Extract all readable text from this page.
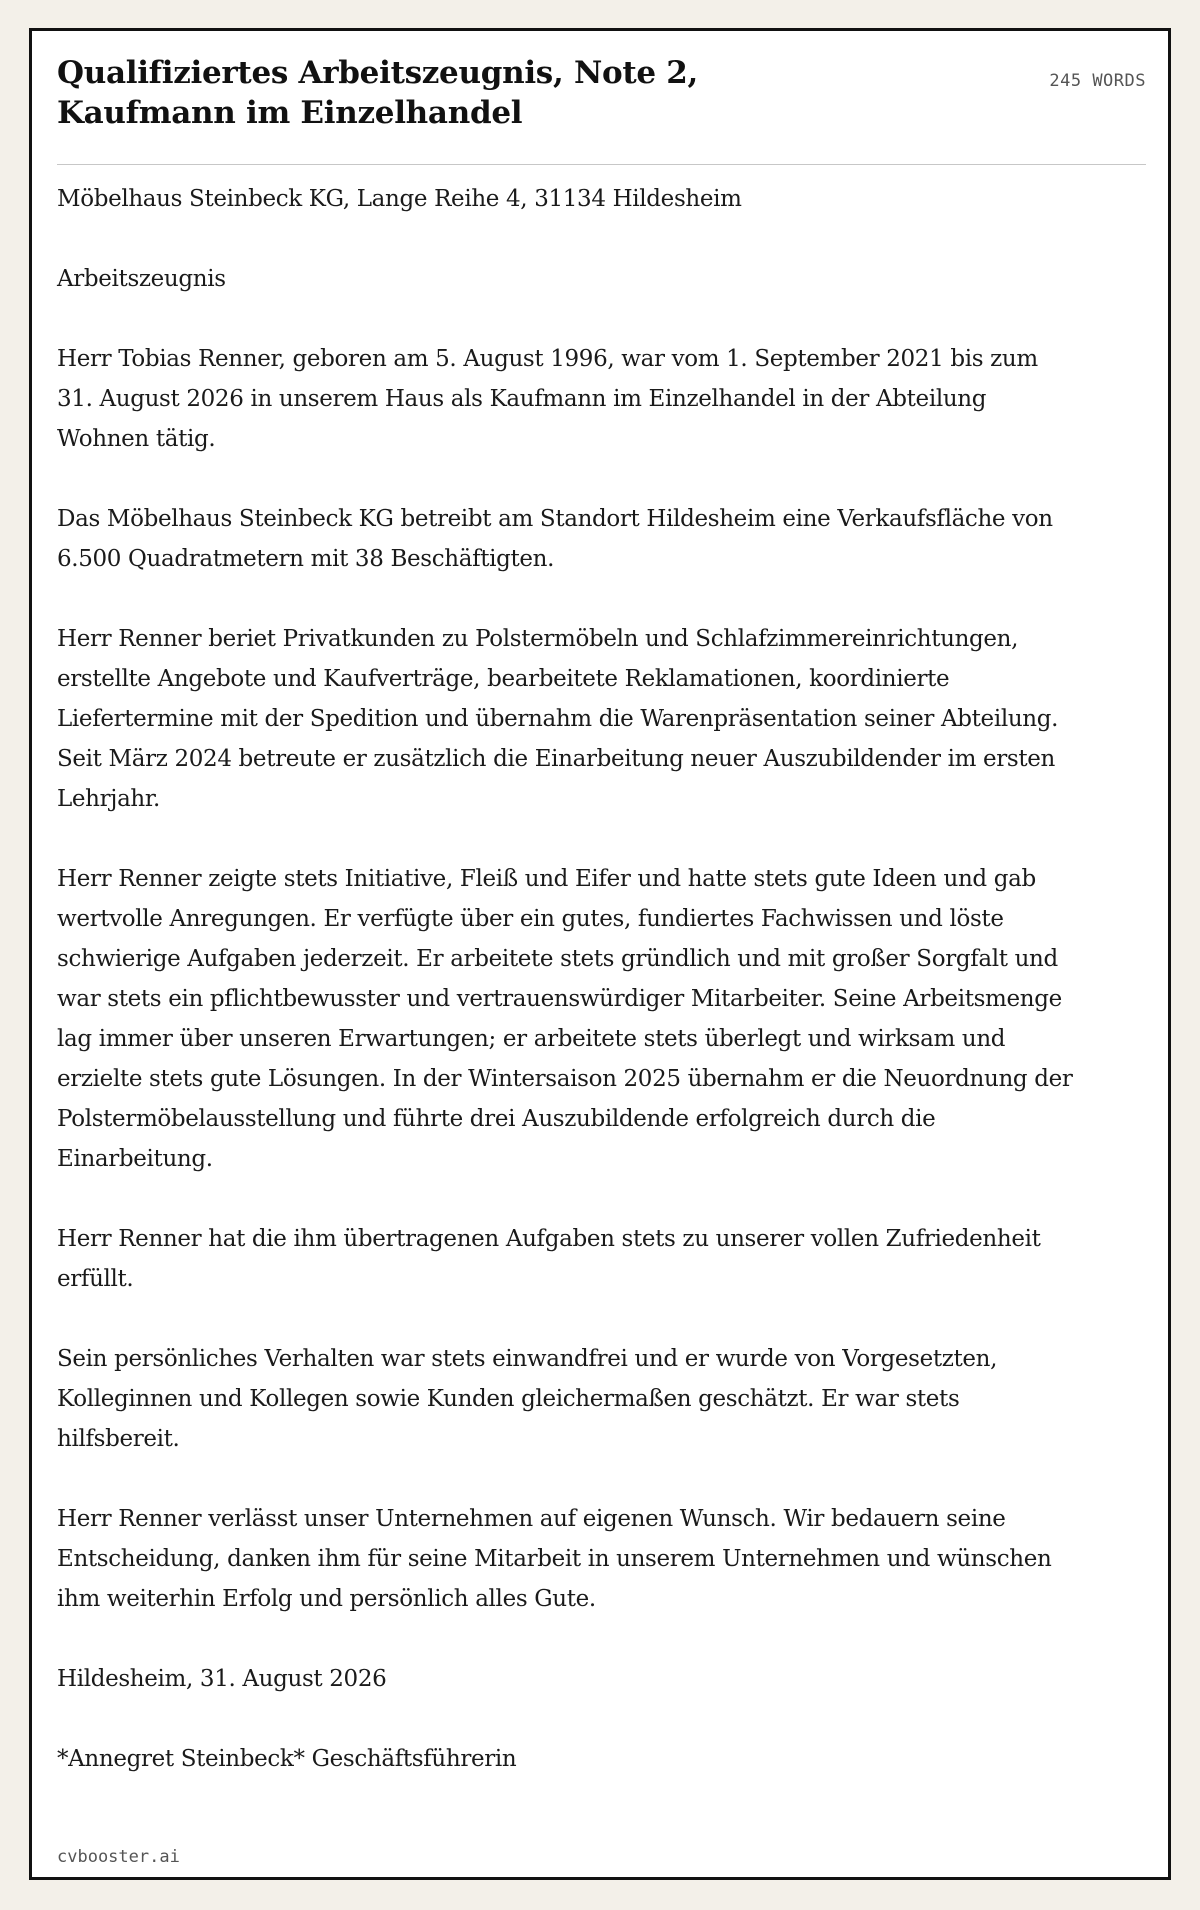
Qualifiziertes Arbeitszeugnis, Note 2, Kaufmann im Einzelhandel
245 WORDS

Möbelhaus Steinbeck KG, Lange Reihe 4, 31134 Hildesheim

Arbeitszeugnis

Herr Tobias Renner, geboren am 5. August 1996, war vom 1. September 2021 bis zum 31. August 2026 in unserem Haus als Kaufmann im Einzelhandel in der Abteilung Wohnen tätig.

Das Möbelhaus Steinbeck KG betreibt am Standort Hildesheim eine Verkaufsfläche von 6.500 Quadratmetern mit 38 Beschäftigten.

Herr Renner beriet Privatkunden zu Polstermöbeln und Schlafzimmereinrichtungen, erstellte Angebote und Kaufverträge, bearbeitete Reklamationen, koordinierte Liefertermine mit der Spedition und übernahm die Warenpräsentation seiner Abteilung. Seit März 2024 betreute er zusätzlich die Einarbeitung neuer Auszubildender im ersten Lehrjahr.

Herr Renner zeigte stets Initiative, Fleiß und Eifer und hatte stets gute Ideen und gab wertvolle Anregungen. Er verfügte über ein gutes, fundiertes Fachwissen und löste schwierige Aufgaben jederzeit. Er arbeitete stets gründlich und mit großer Sorgfalt und war stets ein pflichtbewusster und vertrauenswürdiger Mitarbeiter. Seine Arbeitsmenge lag immer über unseren Erwartungen; er arbeitete stets überlegt und wirksam und erzielte stets gute Lösungen. In der Wintersaison 2025 übernahm er die Neuordnung der Polstermöbelausstellung und führte drei Auszubildende erfolgreich durch die Einarbeitung.

Herr Renner hat die ihm übertragenen Aufgaben stets zu unserer vollen Zufriedenheit erfüllt.

Sein persönliches Verhalten war stets einwandfrei und er wurde von Vorgesetzten, Kolleginnen und Kollegen sowie Kunden gleichermaßen geschätzt. Er war stets hilfsbereit.

Herr Renner verlässt unser Unternehmen auf eigenen Wunsch. Wir bedauern seine Entscheidung, danken ihm für seine Mitarbeit in unserem Unternehmen und wünschen ihm weiterhin Erfolg und persönlich alles Gute.

Hildesheim, 31. August 2026

*Annegret Steinbeck* Geschäftsführerin

cvbooster.ai
